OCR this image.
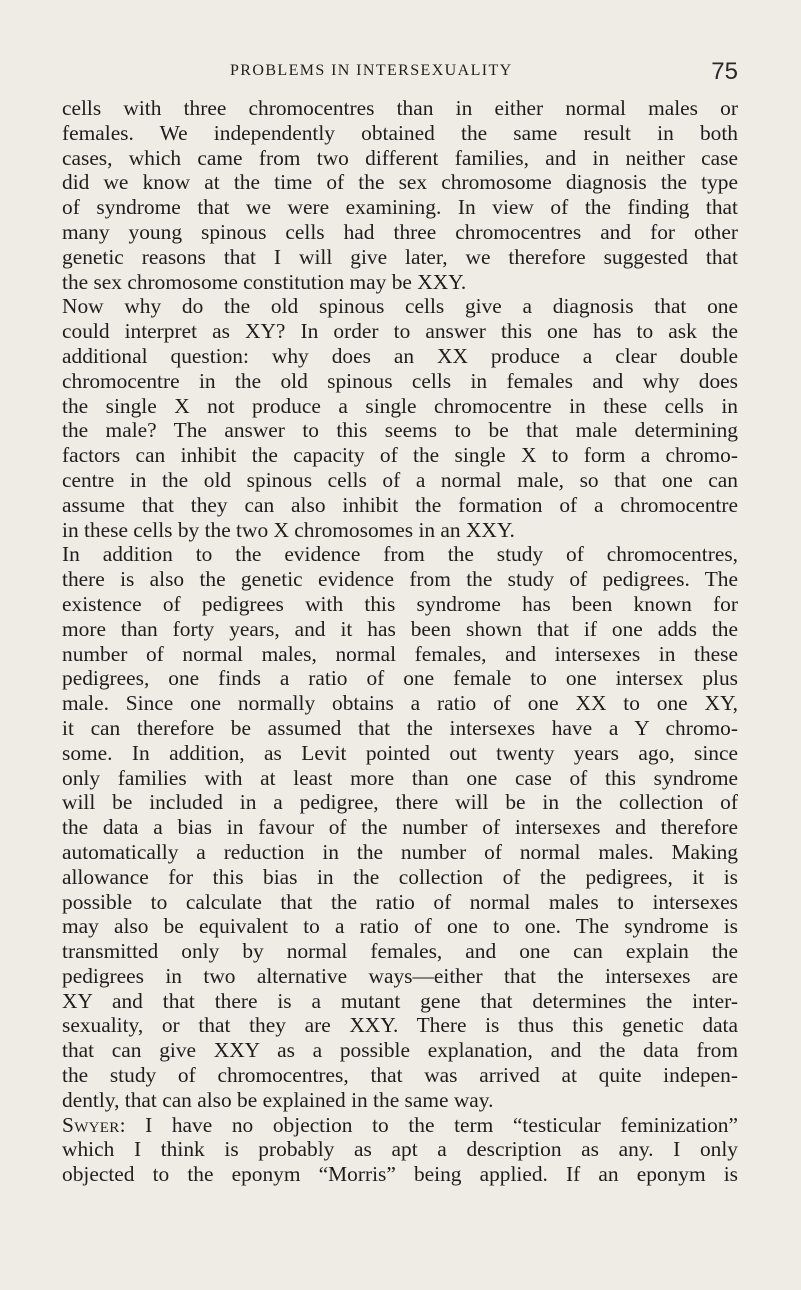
PROBLEMS IN INTERSEXUALITY	75
cells with three chromocentres than in either normal males or
females. We independently obtained the same result in both
cases, which came from two different families, and in neither case
did we know at the time of the sex chromosome diagnosis the type
of syndrome that we were examining. In view of the finding that
many young spinous cells had three chromocentres and for other
genetic reasons that I will give later, we therefore suggested that
the sex chromosome constitution may be XXY.
Now why do the old spinous cells give a diagnosis that one
could interpret as XY? In order to answer this one has to ask the
additional question: why does an XX produce a clear double
chromocentre in the old spinous cells in females and why does
the single X not produce a single chromocentre in these cells in
the male? The answer to this seems to be that male determining
factors can inhibit the capacity of the single X to form a chromo-
centre in the old spinous cells of a normal male, so that one can
assume that they can also inhibit the formation of a chromocentre
in these cells by the two X chromosomes in an XXY.
In addition to the evidence from the study of chromocentres,
there is also the genetic evidence from the study of pedigrees. The
existence of pedigrees with this syndrome has been known for
more than forty years, and it has been shown that if one adds the
number of normal males, normal females, and intersexes in these
pedigrees, one finds a ratio of one female to one intersex plus
male. Since one normally obtains a ratio of one XX to one XY,
it can therefore be assumed that the intersexes have a Y chromo-
some. In addition, as Levit pointed out twenty years ago, since
only families with at least more than one case of this syndrome
will be included in a pedigree, there will be in the collection of
the data a bias in favour of the number of intersexes and therefore
automatically a reduction in the number of normal males. Making
allowance for this bias in the collection of the pedigrees, it is
possible to calculate that the ratio of normal males to intersexes
may also be equivalent to a ratio of one to one. The syndrome is
transmitted only by normal females, and one can explain the
pedigrees in two alternative ways—either that the intersexes are
XY and that there is a mutant gene that determines the inter-
sexuality, or that they are XXY. There is thus this genetic data
that can give XXY as a possible explanation, and the data from
the study of chromocentres, that was arrived at quite indepen-
dently, that can also be explained in the same way.
Swyer: I have no objection to the term “testicular feminization”
which I think is probably as apt a description as any. I only
objected to the eponym “Morris” being applied. If an eponym is
